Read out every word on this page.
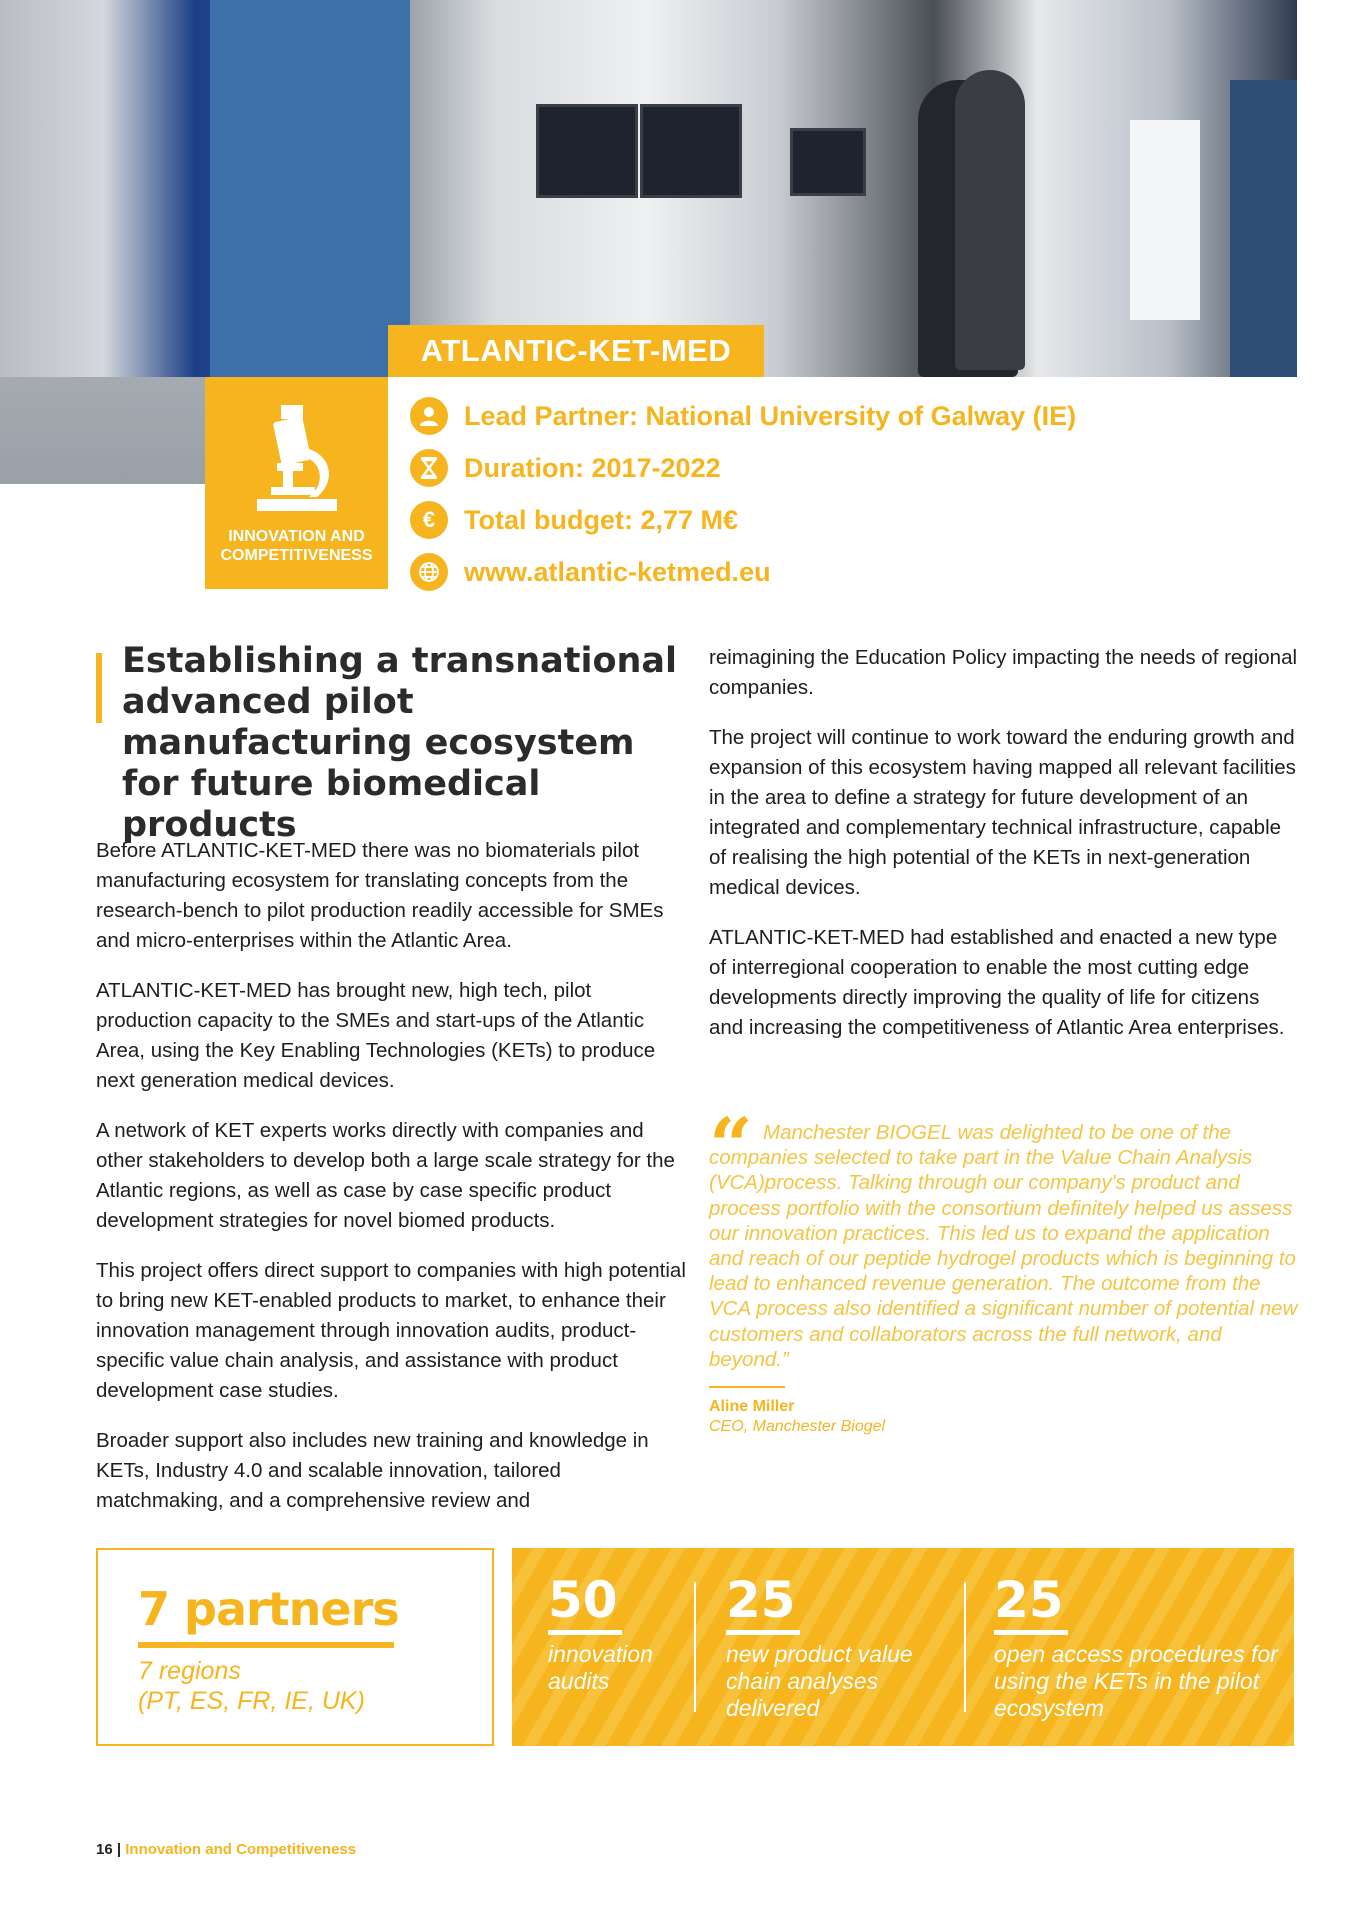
ATLANTIC-KET-MED
INNOVATION AND
COMPETITIVENESS
Lead Partner: National University of Galway (IE)
Duration: 2017-2022
€	Total budget: 2,77 M€
www.atlantic-ketmed.eu
Establishing a transnational advanced pilot manufacturing ecosystem for future biomedical products

Before ATLANTIC-KET-MED there was no biomaterials pilot manufacturing ecosystem for translating concepts from the research-bench to pilot production readily accessible for SMEs and micro-enterprises within the Atlantic Area.

ATLANTIC-KET-MED has brought new, high tech, pilot production capacity to the SMEs and start-ups of the Atlantic Area, using the Key Enabling Technologies (KETs) to produce next generation medical devices.

A network of KET experts works directly with companies and other stakeholders to develop both a large scale strategy for the Atlantic regions, as well as case by case specific product development strategies for novel biomed products.

This project offers direct support to companies with high potential to bring new KET-enabled products to market, to enhance their innovation management through innovation audits, product-specific value chain analysis, and assistance with product development case studies.

Broader support also includes new training and knowledge in KETs, Industry 4.0 and scalable innovation, tailored matchmaking, and a comprehensive review and

reimagining the Education Policy impacting the needs of regional companies.

The project will continue to work toward the enduring growth and expansion of this ecosystem having mapped all relevant facilities in the area to define a strategy for future development of an integrated and complementary technical infrastructure, capable of realising the high potential of the KETs in next-generation medical devices.

ATLANTIC-KET-MED had established and enacted a new type of interregional cooperation to enable the most cutting edge developments directly improving the quality of life for citizens and increasing the competitiveness of Atlantic Area enterprises.

“ Manchester BIOGEL was delighted to be one of the companies selected to take part in the Value Chain Analysis (VCA)process. Talking through our company's product and process portfolio with the consortium definitely helped us assess our innovation practices. This led us to expand the application and reach of our peptide hydrogel products which is beginning to lead to enhanced revenue generation. The outcome from the VCA process also identified a significant number of potential new customers and collaborators across the full network, and beyond.”
Aline Miller
CEO, Manchester Biogel
7 partners
7 regions
(PT, ES, FR, IE, UK)
50
innovation audits
25
new product value chain analyses delivered
25
open access procedures for using the KETs in the pilot ecosystem
16 | Innovation and Competitiveness
